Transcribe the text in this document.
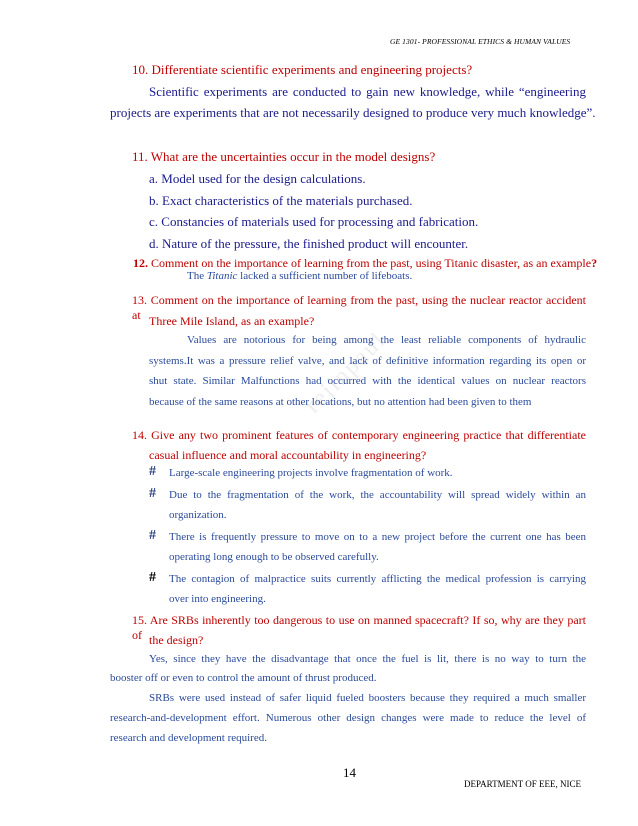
rejinpaul
GE 1301- PROFESSIONAL ETHICS & HUMAN VALUES
10. Differentiate scientific experiments and engineering projects?
Scientific experiments are conducted to gain new knowledge, while “engineering
projects are experiments that are not necessarily designed to produce very much knowledge”.
11. What are the uncertainties occur in the model designs?
a. Model used for the design calculations.
b. Exact characteristics of the materials purchased.
c. Constancies of materials used for processing and fabrication.
d. Nature of the pressure, the finished product will encounter.
12. Comment on the importance of learning from the past, using Titanic disaster, as an example?
The Titanic lacked a sufficient number of lifeboats.
13. Comment on the importance of learning from the past, using the nuclear reactor accident at Three Mile Island, as an example?
Values are notorious for being among the least reliable components of hydraulic
systems.It was a pressure relief valve, and lack of definitive information regarding its open or
shut state. Similar Malfunctions had occurred with the identical values on nuclear reactors
because of the same reasons at other locations, but no attention had been given to them
14. Give any two prominent features of contemporary engineering practice that differentiate
casual influence and moral accountability in engineering?
# Large-scale engineering projects involve fragmentation of work.
# Due to the fragmentation of the work, the accountability will spread widely within an
organization.
# There is frequently pressure to move on to a new project before the current one has been
operating long enough to be observed carefully.
# The contagion of malpractice suits currently afflicting the medical profession is carrying
over into engineering.
15. Are SRBs inherently too dangerous to use on manned spacecraft? If so, why are they part of the design?
Yes, since they have the disadvantage that once the fuel is lit, there is no way to turn the
booster off or even to control the amount of thrust produced.
SRBs were used instead of safer liquid fueled boosters because they required a much smaller
research-and-development effort. Numerous other design changes were made to reduce the level of
research and development required.
14
DEPARTMENT OF EEE, NICE
